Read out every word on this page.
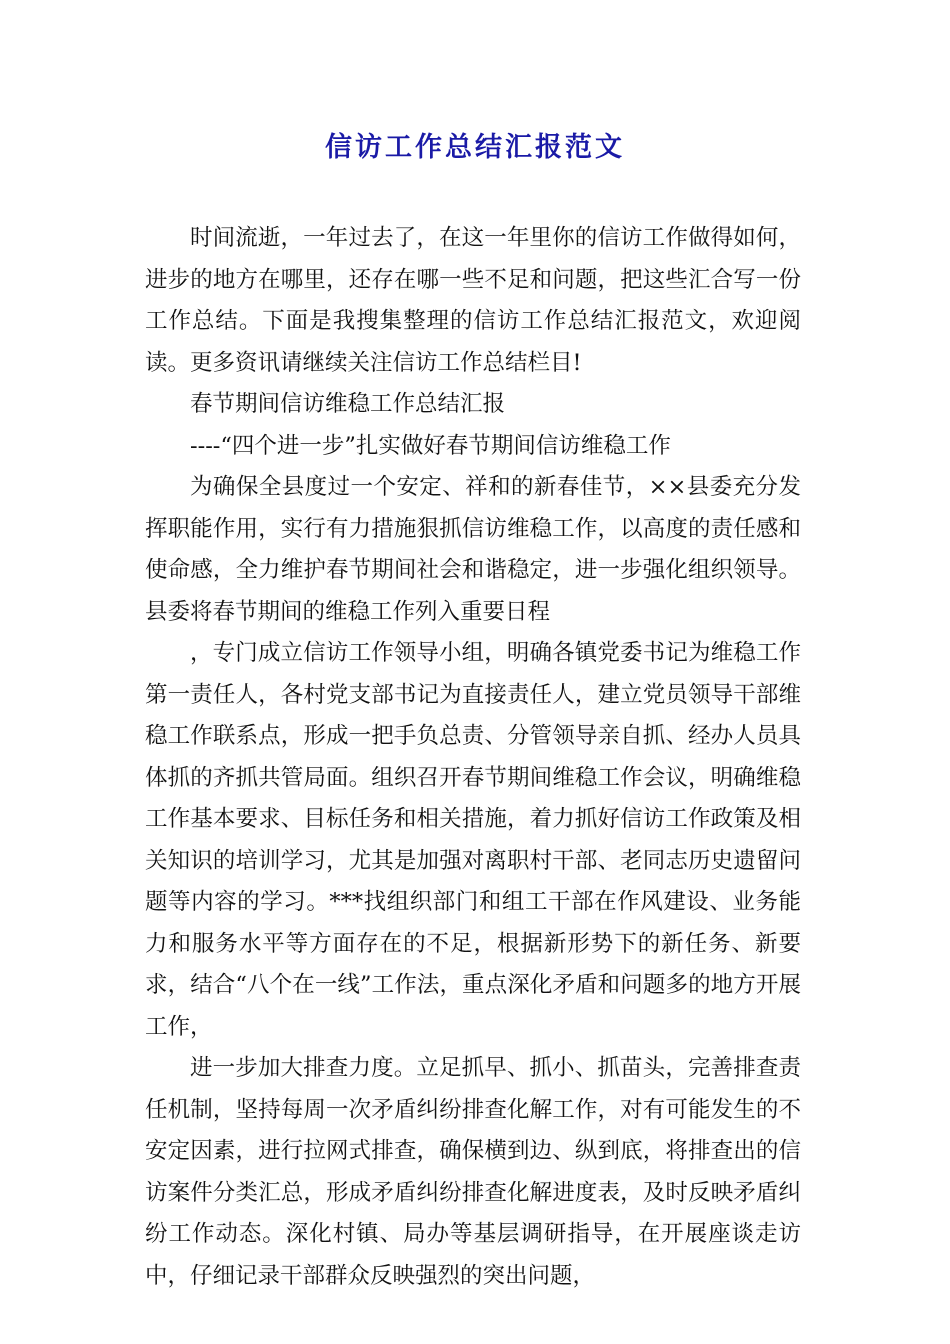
信访工作总结汇报范文

时间流逝，一年过去了，在这一年里你的信访工作做得如何，进步的地方在哪里，还存在哪一些不足和问题，把这些汇合写一份工作总结。下面是我搜集整理的信访工作总结汇报范文，欢迎阅读。更多资讯请继续关注信访工作总结栏目!

春节期间信访维稳工作总结汇报

----“四个进一步”扎实做好春节期间信访维稳工作

为确保全县度过一个安定、祥和的新春佳节，××县委充分发挥职能作用，实行有力措施狠抓信访维稳工作，以高度的责任感和使命感，全力维护春节期间社会和谐稳定，进一步强化组织领导。县委将春节期间的维稳工作列入重要日程

，专门成立信访工作领导小组，明确各镇党委书记为维稳工作第一责任人，各村党支部书记为直接责任人，建立党员领导干部维稳工作联系点，形成一把手负总责、分管领导亲自抓、经办人员具体抓的齐抓共管局面。组织召开春节期间维稳工作会议，明确维稳工作基本要求、目标任务和相关措施，着力抓好信访工作政策及相关知识的培训学习，尤其是加强对离职村干部、老同志历史遗留问题等内容的学习。***找组织部门和组工干部在作风建设、业务能力和服务水平等方面存在的不足，根据新形势下的新任务、新要求，结合“八个在一线”工作法，重点深化矛盾和问题多的地方开展工作，

进一步加大排查力度。立足抓早、抓小、抓苗头，完善排查责任机制，坚持每周一次矛盾纠纷排查化解工作，对有可能发生的不安定因素，进行拉网式排查，确保横到边、纵到底，将排查出的信访案件分类汇总，形成矛盾纠纷排查化解进度表，及时反映矛盾纠纷工作动态。深化村镇、局办等基层调研指导，在开展座谈走访中，仔细记录干部群众反映强烈的突出问题，
